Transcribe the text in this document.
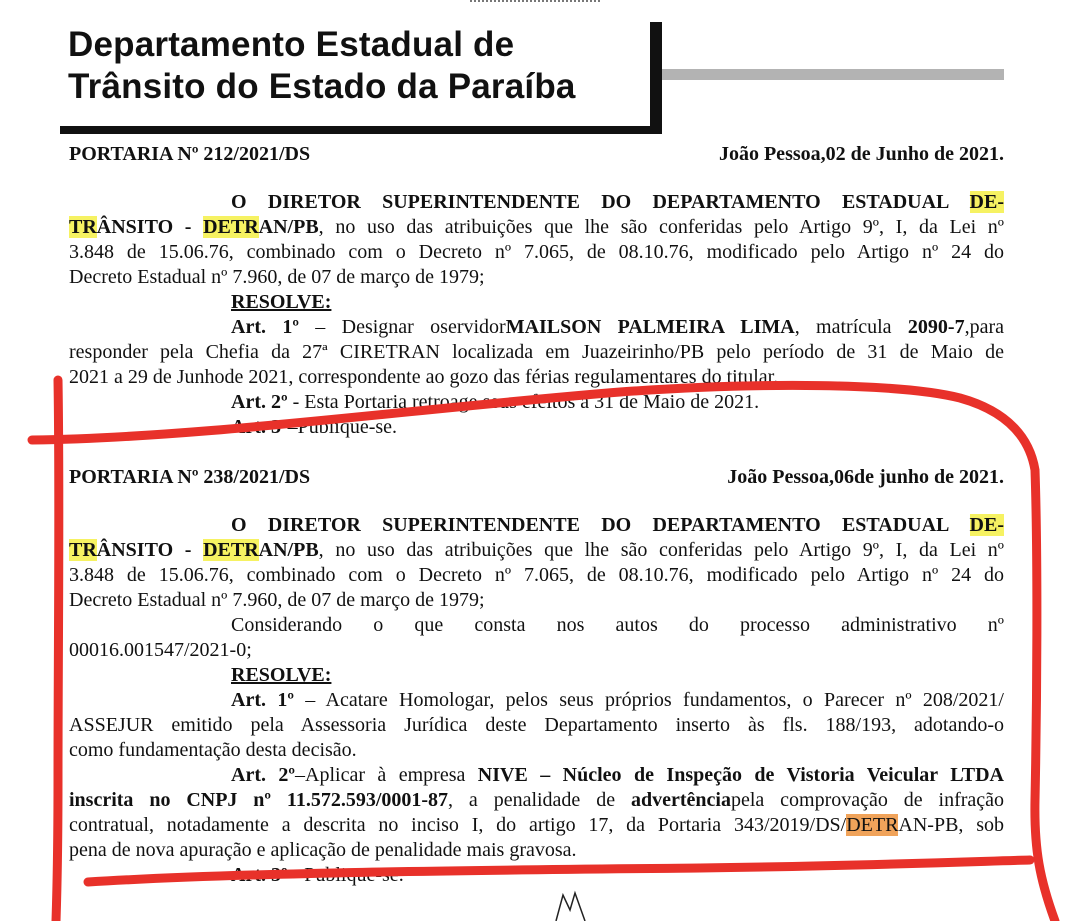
Departamento Estadual de
Trânsito do Estado da Paraíba
PORTARIA Nº 212/2021/DS	João Pessoa,02 de Junho de 2021.
O DIRETOR SUPERINTENDENTE DO DEPARTAMENTO ESTADUAL DE-
TRÂNSITO - DETRAN/PB, no uso das atribuições que lhe são conferidas pelo Artigo 9º, I, da Lei nº
3.848 de 15.06.76, combinado com o Decreto nº 7.065, de 08.10.76, modificado pelo Artigo nº 24 do
Decreto Estadual nº 7.960, de 07 de março de 1979;
RESOLVE:
Art. 1º – Designar oservidorMAILSON PALMEIRA LIMA, matrícula 2090-7,para
responder pela Chefia da 27ª CIRETRAN localizada em Juazeirinho/PB pelo período de 31 de Maio de
2021 a 29 de Junhode 2021, correspondente ao gozo das férias regulamentares do titular.
Art. 2º - Esta Portaria retroage seus efeitos a 31 de Maio de 2021.
Art. 3º–Publique-se.
PORTARIA Nº 238/2021/DS	João Pessoa,06de junho de 2021.
O DIRETOR SUPERINTENDENTE DO DEPARTAMENTO ESTADUAL DE-
TRÂNSITO - DETRAN/PB, no uso das atribuições que lhe são conferidas pelo Artigo 9º, I, da Lei nº
3.848 de 15.06.76, combinado com o Decreto nº 7.065, de 08.10.76, modificado pelo Artigo nº 24 do
Decreto Estadual nº 7.960, de 07 de março de 1979;
Considerando o que consta nos autos do processo administrativo nº
00016.001547/2021-0;
RESOLVE:
Art. 1º – Acatare Homologar, pelos seus próprios fundamentos, o Parecer nº 208/2021/
ASSEJUR emitido pela Assessoria Jurídica deste Departamento inserto às fls. 188/193, adotando-o
como fundamentação desta decisão.
Art. 2º–Aplicar à empresa NIVE – Núcleo de Inspeção de Vistoria Veicular LTDA
inscrita no CNPJ nº 11.572.593/0001-87, a penalidade de advertênciapela comprovação de infração
contratual, notadamente a descrita no inciso I, do artigo 17, da Portaria 343/2019/DS/DETRAN-PB, sob
pena de nova apuração e aplicação de penalidade mais gravosa.
Art. 3º - Publique-se.
